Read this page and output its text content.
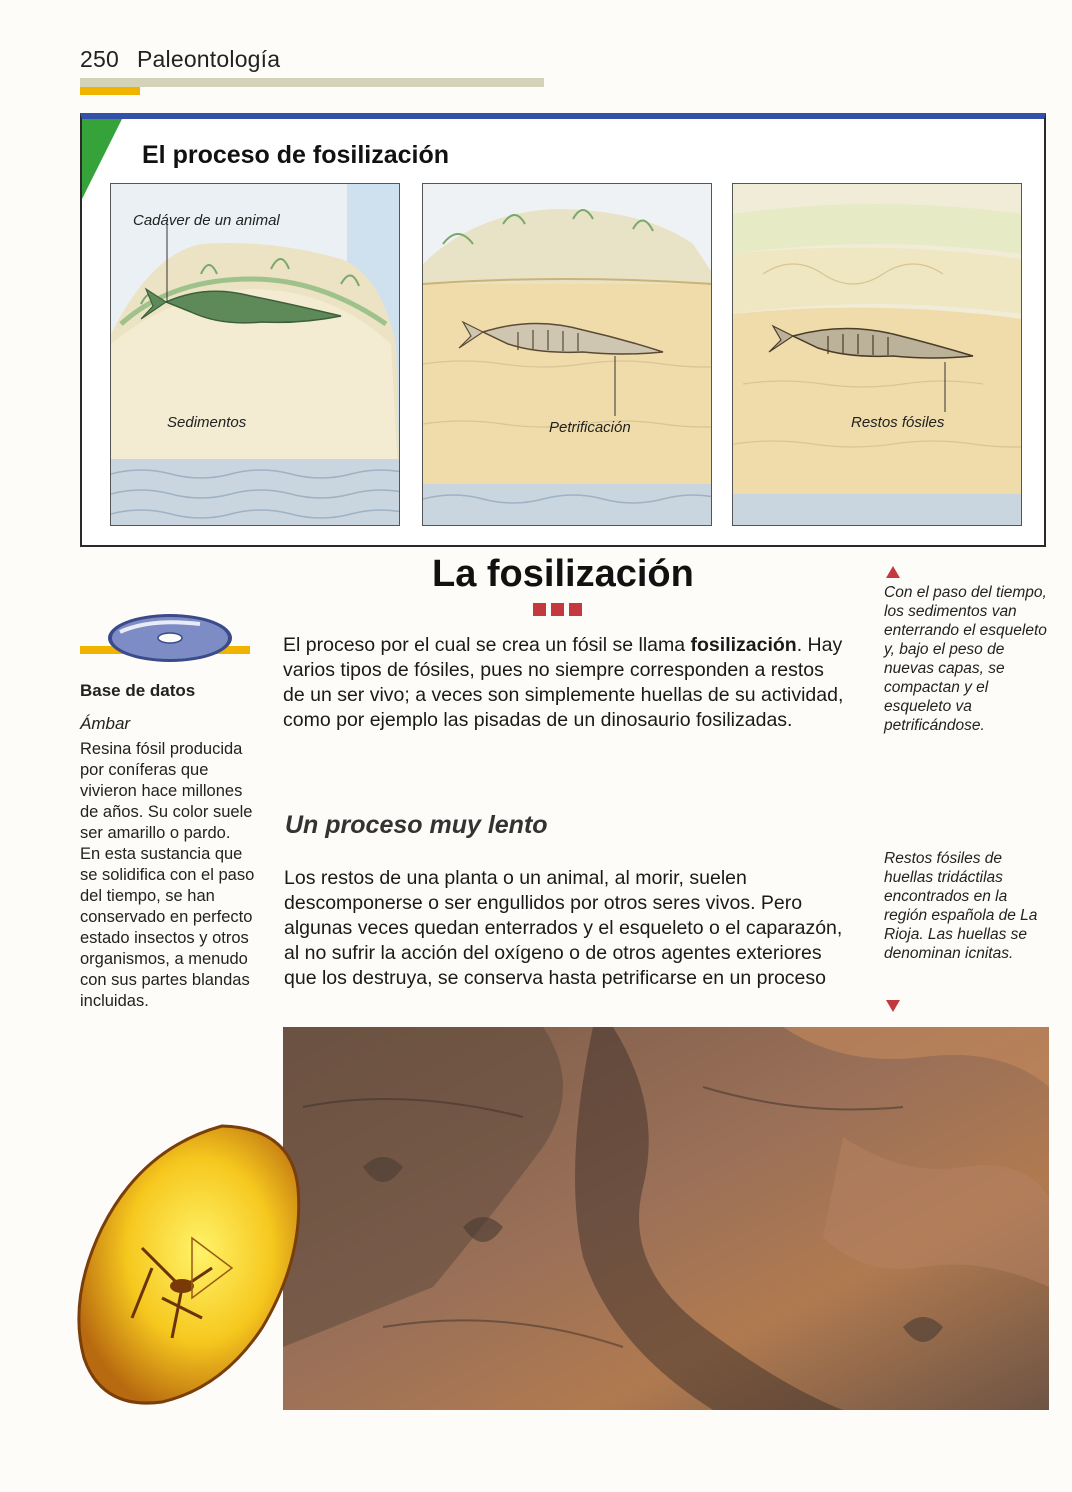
250 Paleontología
El proceso de fosilización
Cadáver de un animal
Sedimentos	Petrificación	Restos fósiles
La fosilización

El proceso por el cual se crea un fósil se llama fosilización. Hay varios tipos de fósiles, pues no siempre corresponden a restos de un ser vivo; a veces son simplemente huellas de su actividad, como por ejemplo las pisadas de un dinosaurio fosilizadas.

Un proceso muy lento

Los restos de una planta o un animal, al morir, suelen descomponerse o ser engullidos por otros seres vivos. Pero algunas veces quedan enterrados y el esqueleto o el caparazón, al no sufrir la acción del oxígeno o de otros agentes exteriores que los destruya, se conserva hasta petrificarse en un proceso

Base de datos
Ámbar

Resina fósil producida por coníferas que vivieron hace millones de años. Su color suele ser amarillo o pardo. En esta sustancia que se solidifica con el paso del tiempo, se han conservado en perfecto estado insectos y otros organismos, a menudo con sus partes blandas incluidas.

Con el paso del tiempo, los sedimentos van enterrando el esqueleto y, bajo el peso de nuevas capas, se compactan y el esqueleto va petrificándose.

Restos fósiles de huellas tridáctilas encontrados en la región española de La Rioja. Las huellas se denominan icnitas.
